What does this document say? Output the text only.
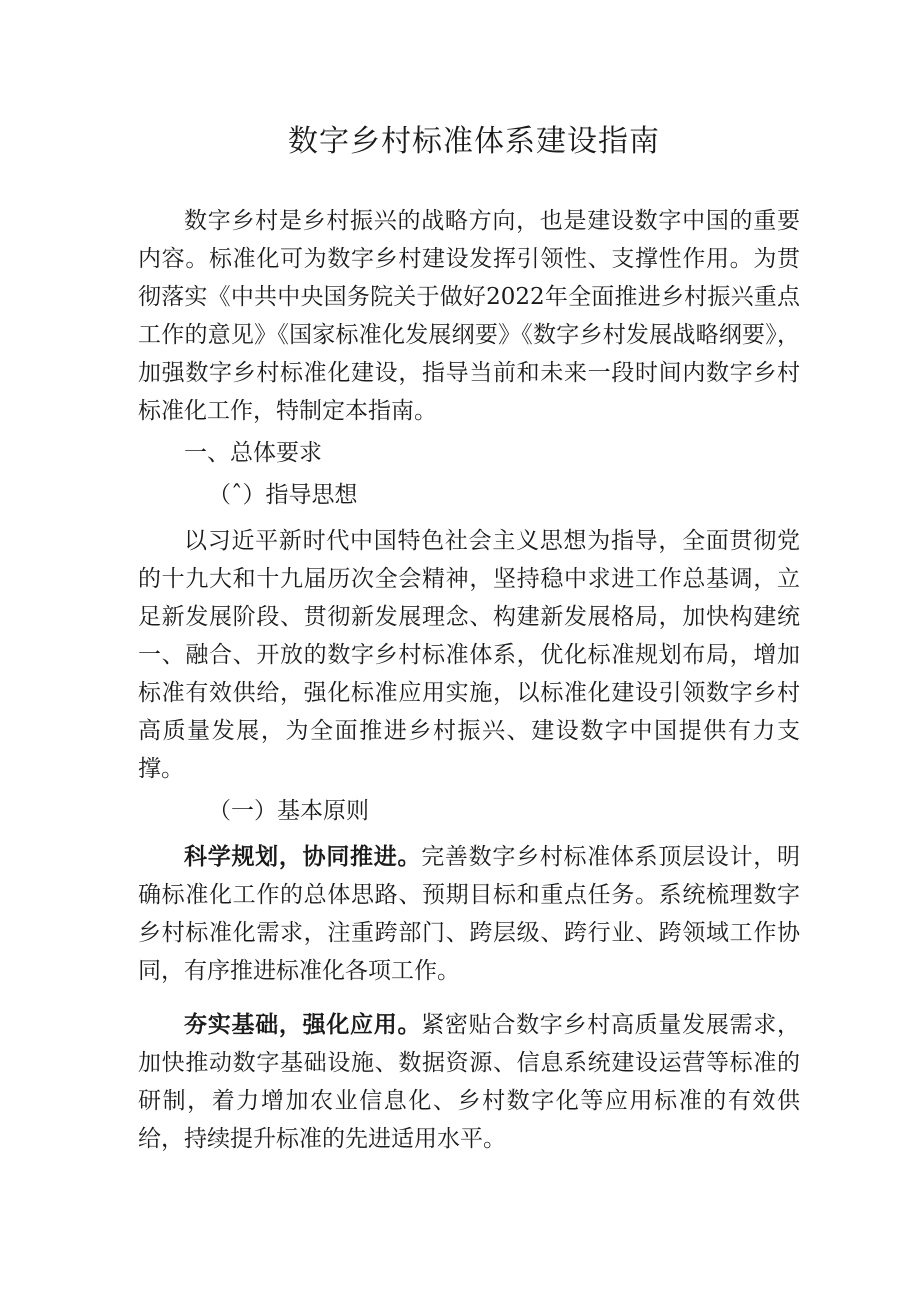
数字乡村标准体系建设指南

数字乡村是乡村振兴的战略方向，也是建设数字中国的重要内容。标准化可为数字乡村建设发挥引领性、支撑性作用。为贯彻落实《中共中央国务院关于做好2022年全面推进乡村振兴重点工作的意见》《国家标准化发展纲要》《数字乡村发展战略纲要》，加强数字乡村标准化建设，指导当前和未来一段时间内数字乡村标准化工作，特制定本指南。

一、总体要求

（ˆ）指导思想

以习近平新时代中国特色社会主义思想为指导，全面贯彻党的十九大和十九届历次全会精神，坚持稳中求进工作总基调，立足新发展阶段、贯彻新发展理念、构建新发展格局，加快构建统一、融合、开放的数字乡村标准体系，优化标准规划布局，增加标准有效供给，强化标准应用实施，以标准化建设引领数字乡村高质量发展，为全面推进乡村振兴、建设数字中国提供有力支撑。

（一）基本原则

科学规划，协同推进。完善数字乡村标准体系顶层设计，明确标准化工作的总体思路、预期目标和重点任务。系统梳理数字乡村标准化需求，注重跨部门、跨层级、跨行业、跨领域工作协同，有序推进标准化各项工作。

夯实基础，强化应用。紧密贴合数字乡村高质量发展需求，加快推动数字基础设施、数据资源、信息系统建设运营等标准的研制，着力增加农业信息化、乡村数字化等应用标准的有效供给，持续提升标准的先进适用水平。
